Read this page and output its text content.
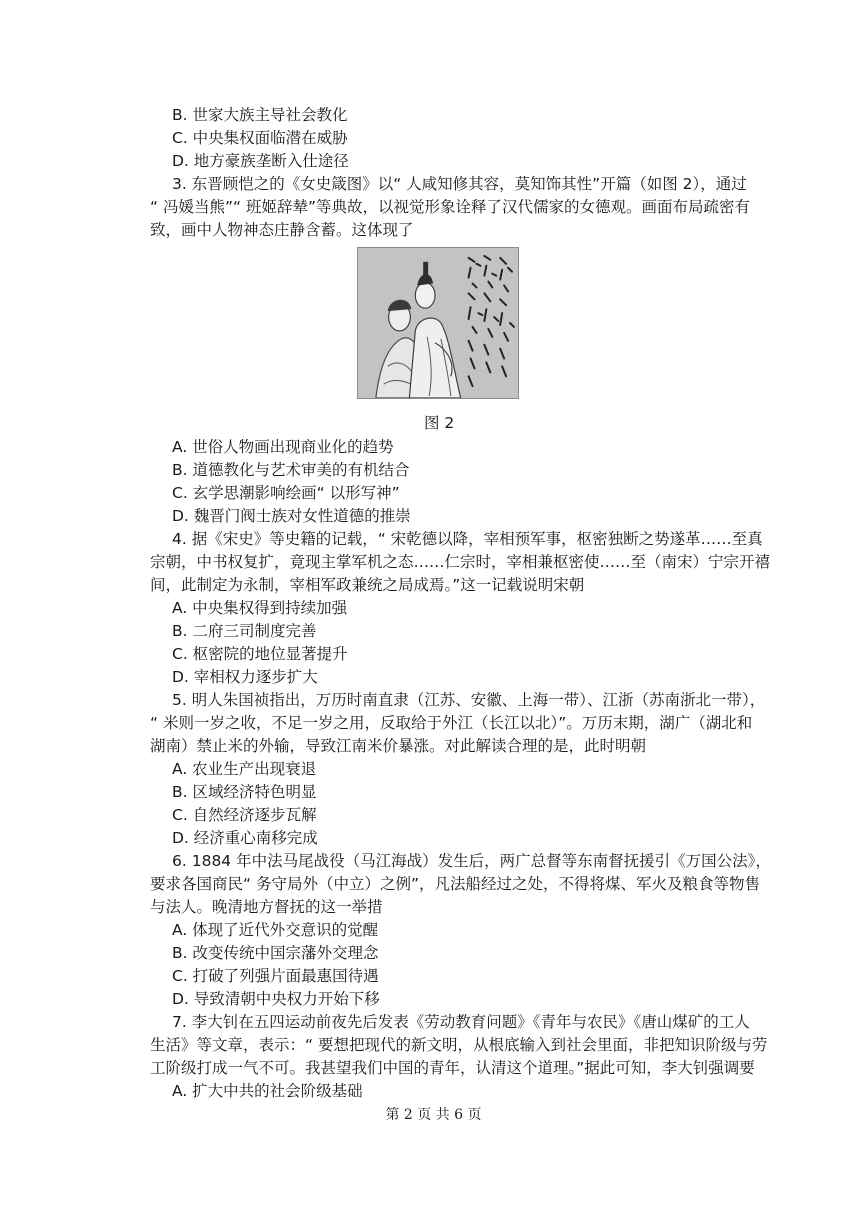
B. 世家大族主导社会教化
C. 中央集权面临潜在威胁
D. 地方豪族垄断入仕途径
3. 东晋顾恺之的《女史箴图》以“ 人咸知修其容，莫知饰其性”开篇（如图 2），通过
“ 冯媛当熊”“ 班姬辞辇”等典故，以视觉形象诠释了汉代儒家的女德观。画面布局疏密有
致，画中人物神态庄静含蓄。这体现了
图 2
A. 世俗人物画出现商业化的趋势
B. 道德教化与艺术审美的有机结合
C. 玄学思潮影响绘画“ 以形写神”
D. 魏晋门阀士族对女性道德的推崇
4. 据《宋史》等史籍的记载，“ 宋乾德以降，宰相预军事，枢密独断之势遂革……至真
宗朝，中书权复扩，竟现主掌军机之态……仁宗时，宰相兼枢密使……至（南宋）宁宗开禧
间，此制定为永制，宰相军政兼统之局成焉。”这一记载说明宋朝
A. 中央集权得到持续加强
B. 二府三司制度完善
C. 枢密院的地位显著提升
D. 宰相权力逐步扩大
5. 明人朱国祯指出，万历时南直隶（江苏、安徽、上海一带）、江浙（苏南浙北一带），
“ 米则一岁之收，不足一岁之用，反取给于外江（长江以北）”。万历末期，湖广（湖北和
湖南）禁止米的外输，导致江南米价暴涨。对此解读合理的是，此时明朝
A. 农业生产出现衰退
B. 区域经济特色明显
C. 自然经济逐步瓦解
D. 经济重心南移完成
6. 1884 年中法马尾战役（马江海战）发生后，两广总督等东南督抚援引《万国公法》，
要求各国商民“ 务守局外（中立）之例”，凡法船经过之处，不得将煤、军火及粮食等物售
与法人。晚清地方督抚的这一举措
A. 体现了近代外交意识的觉醒
B. 改变传统中国宗藩外交理念
C. 打破了列强片面最惠国待遇
D. 导致清朝中央权力开始下移
7. 李大钊在五四运动前夜先后发表《劳动教育问题》《青年与农民》《唐山煤矿的工人
生活》等文章，表示：“ 要想把现代的新文明，从根底输入到社会里面，非把知识阶级与劳
工阶级打成一气不可。我甚望我们中国的青年，认清这个道理。”据此可知，李大钊强调要
A. 扩大中共的社会阶级基础
第 2 页 共 6 页
